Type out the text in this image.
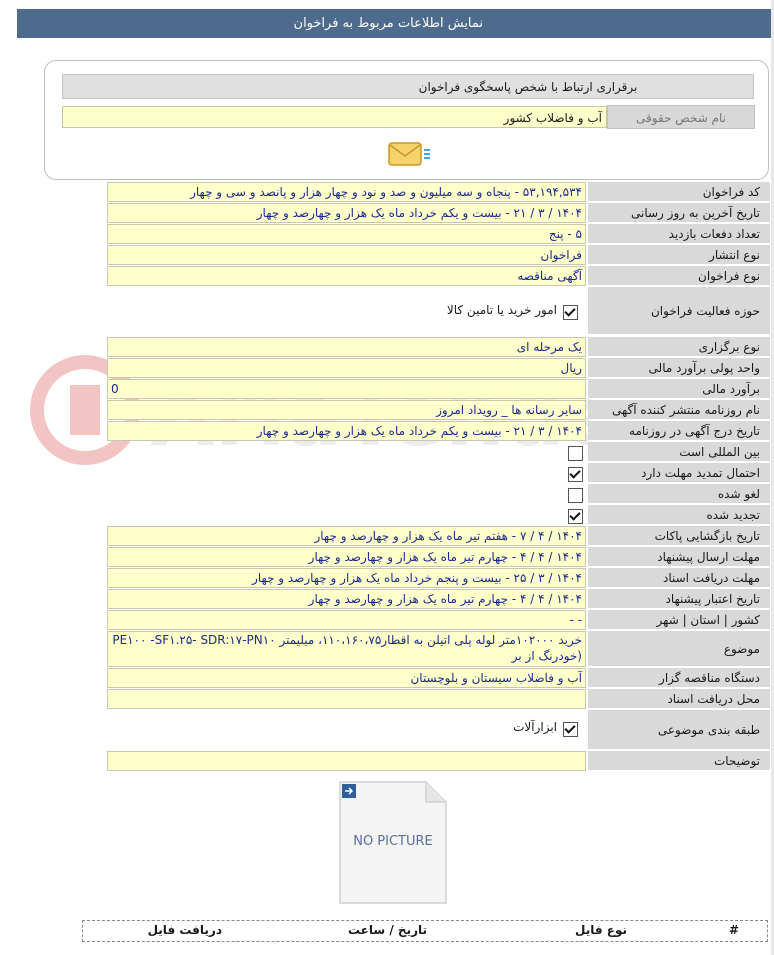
نمایش اطلاعات مربوط به فراخوان
برقراری ارتباط با شخص پاسخگوی فراخوان
نام شخص حقوقی
آب و فاضلاب کشور
کد فراخوان
۵۳,۱۹۴,۵۳۴ - پنجاه و سه میلیون و صد و نود و چهار هزار و پانصد و سی و چهار
تاریخ آخرین به روز رسانی
۱۴۰۴ / ۳ / ۲۱ - بیست و یکم خرداد ماه یک هزار و چهارصد و چهار
تعداد دفعات بازدید
۵ - پنج
نوع انتشار
فراخوان
نوع فراخوان
آگهی مناقصه
حوزه فعالیت فراخوان
امور خرید یا تامین کالا
نوع برگزاری
یک مرحله ای
واحد پولی برآورد مالی
ریال
برآورد مالی
0
نام روزنامه منتشر کننده آگهی
سایر رسانه ها _ رویداد امروز
تاریخ درج آگهی در روزنامه
۱۴۰۴ / ۳ / ۲۱ - بیست و یکم خرداد ماه یک هزار و چهارصد و چهار
بین المللی است
احتمال تمدید مهلت دارد
لغو شده
تجدید شده
تاریخ بازگشایی پاکات
۱۴۰۴ / ۴ / ۷ - هفتم تیر ماه یک هزار و چهارصد و چهار
مهلت ارسال پیشنهاد
۱۴۰۴ / ۴ / ۴ - چهارم تیر ماه یک هزار و چهارصد و چهار
مهلت دریافت اسناد
۱۴۰۴ / ۳ / ۲۵ - بیست و پنجم خرداد ماه یک هزار و چهارصد و چهار
تاریخ اعتبار پیشنهاد
۱۴۰۴ / ۴ / ۴ - چهارم تیر ماه یک هزار و چهارصد و چهار
کشور | استان | شهر
- -
موضوع
خرید ۱۰۲۰۰۰متر لوله پلی اتیلن به اقطار۱۱۰،۱۶۰،۷۵، میلیمتر PE۱۰۰ -SF۱.۲۵- SDR:۱۷-PN۱۰ (خودرنگ از بر
دستگاه مناقصه گزار
آب و فاضلاب سیستان و بلوچستان
محل دریافت اسناد
طبقه بندی موضوعی
ابزارآلات
توضیحات
NO PICTURE
#
نوع فایل
تاریخ / ساعت
دریافت فایل
